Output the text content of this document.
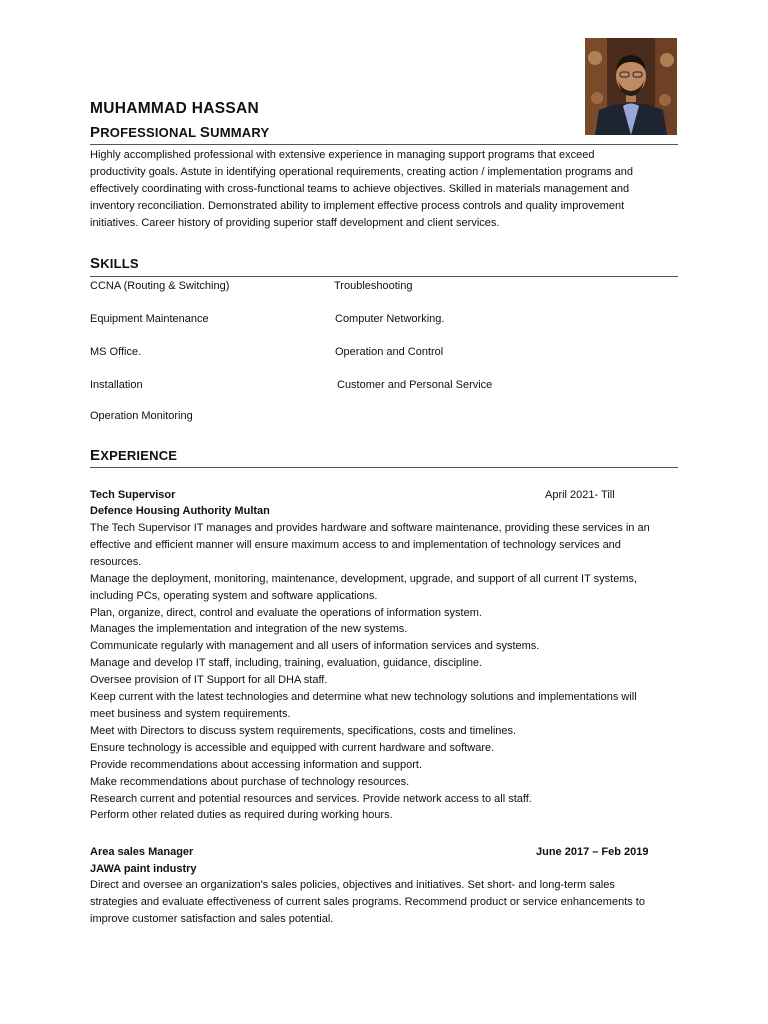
MUHAMMAD HASSAN
PROFESSIONAL SUMMARY

Highly accomplished professional with extensive experience in managing support programs that exceed

productivity goals. Astute in identifying operational requirements, creating action / implementation programs and

effectively coordinating with cross-functional teams to achieve objectives. Skilled in materials management and

inventory reconciliation. Demonstrated ability to implement effective process controls and quality improvement

initiatives. Career history of providing superior staff development and client services.

SKILLS
CCNA (Routing & Switching)
Equipment Maintenance
MS Office.
Installation
Operation Monitoring
Troubleshooting
Computer Networking.
Operation and Control
Customer and Personal Service
EXPERIENCE
Tech Supervisor	April 2021- Till
Defence Housing Authority Multan

The Tech Supervisor IT manages and provides hardware and software maintenance, providing these services in an

effective and efficient manner will ensure maximum access to and implementation of technology services and

resources.

Manage the deployment, monitoring, maintenance, development, upgrade, and support of all current IT systems,

including PCs, operating system and software applications.

Plan, organize, direct, control and evaluate the operations of information system.

Manages the implementation and integration of the new systems.

Communicate regularly with management and all users of information services and systems.

Manage and develop IT staff, including, training, evaluation, guidance, discipline.

Oversee provision of IT Support for all DHA staff.

Keep current with the latest technologies and determine what new technology solutions and implementations will

meet business and system requirements.

Meet with Directors to discuss system requirements, specifications, costs and timelines.

Ensure technology is accessible and equipped with current hardware and software.

Provide recommendations about accessing information and support.

Make recommendations about purchase of technology resources.

Research current and potential resources and services. Provide network access to all staff.

Perform other related duties as required during working hours.

Area sales Manager	June 2017 – Feb 2019
JAWA paint industry

Direct and oversee an organization's sales policies, objectives and initiatives. Set short- and long-term sales

strategies and evaluate effectiveness of current sales programs. Recommend product or service enhancements to

improve customer satisfaction and sales potential.
